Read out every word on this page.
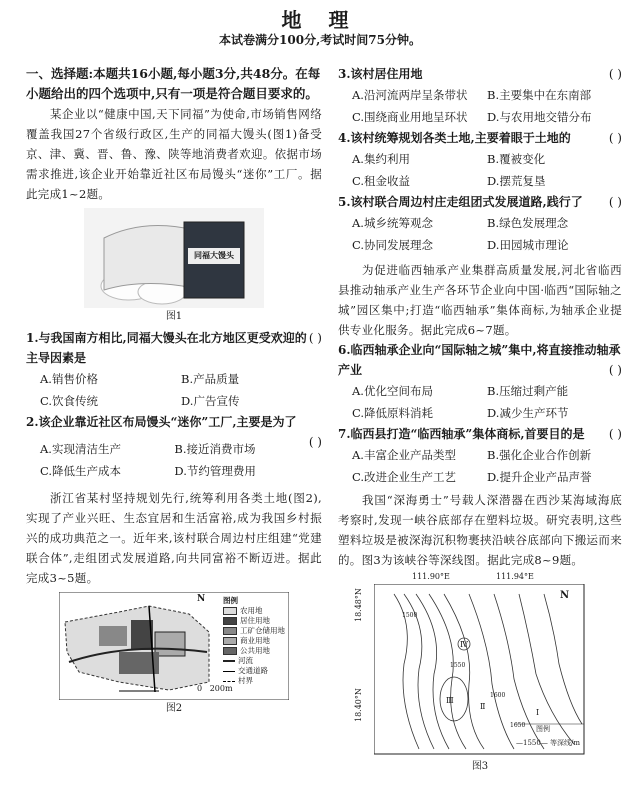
地 理
本试卷满分100分,考试时间75分钟。

一、选择题:本题共16小题,每小题3分,共48分。在每小题给出的四个选项中,只有一项是符合题目要求的。

某企业以“健康中国,天下同福”为使命,市场销售网络覆盖我国27个省级行政区,生产的同福大馒头(图1)备受京、津、冀、晋、鲁、豫、陕等地消费者欢迎。依据市场需求推进,该企业开始靠近社区布局馒头“迷你”工厂。据此完成1~2题。

同福大馒头
图1
( )
1.与我国南方相比,同福大馒头在北方地区更受欢迎的主导因素是
A.销售价格	B.产品质量
C.饮食传统	D.广告宣传
( )
2.该企业靠近社区布局馒头“迷你”工厂,主要是为了
A.实现清洁生产	B.接近消费市场
C.降低生产成本	D.节约管理费用

浙江省某村坚持规划先行,统筹利用各类土地(图2),实现了产业兴旺、生态宜居和生活富裕,成为我国乡村振兴的成功典范之一。近年来,该村联合周边村庄组建“党建联合体”,走组团式发展道路,向共同富裕不断迈进。据此完成3~5题。

N
0   200m
图例
农用地
居住用地
工矿仓储用地
商业用地
公共用地
河流
交通道路
村界
图2
( )
3.该村居住用地
A.沿河流两岸呈条带状	B.主要集中在东南部
C.围绕商业用地呈环状	D.与农用地交错分布
4.该村统筹规划各类土地,主要着眼于土地的	( )
A.集约利用	B.覆被变化
C.租金收益	D.摆荒复垦
5.该村联合周边村庄走组团式发展道路,践行了 ( )
A.城乡统筹观念	B.绿色发展理念
C.协同发展理念	D.田园城市理论

为促进临西轴承产业集群高质量发展,河北省临西县推动轴承产业生产各环节企业向中国·临西“国际轴之城”园区集中;打造“临西轴承”集体商标,为轴承企业提供专业化服务。据此完成6~7题。

6.临西轴承企业向“国际轴之城”集中,将直接推动轴承产业	( )
A.优化空间布局	B.压缩过剩产能
C.降低原料消耗	D.减少生产环节
( )
7.临西县打造“临西轴承”集体商标,首要目的是
A.丰富企业产品类型	B.强化企业合作创新
C.改进企业生产工艺	D.提升企业产品声誉

我国“深海勇士”号载人深潜器在西沙某海域海底考察时,发现一峡谷底部存在塑料垃圾。研究表明,这些塑料垃圾是被深海沉积物裹挟沿峡谷底部向下搬运而来的。图3为该峡谷等深线图。据此完成8~9题。

111.90°E	111.94°E
18.48°N
18.40°N
N
1500
1550
1600
1650
Ⅳ
Ⅲ
Ⅱ
Ⅰ
图例
—1550— 等深线/m
图3
